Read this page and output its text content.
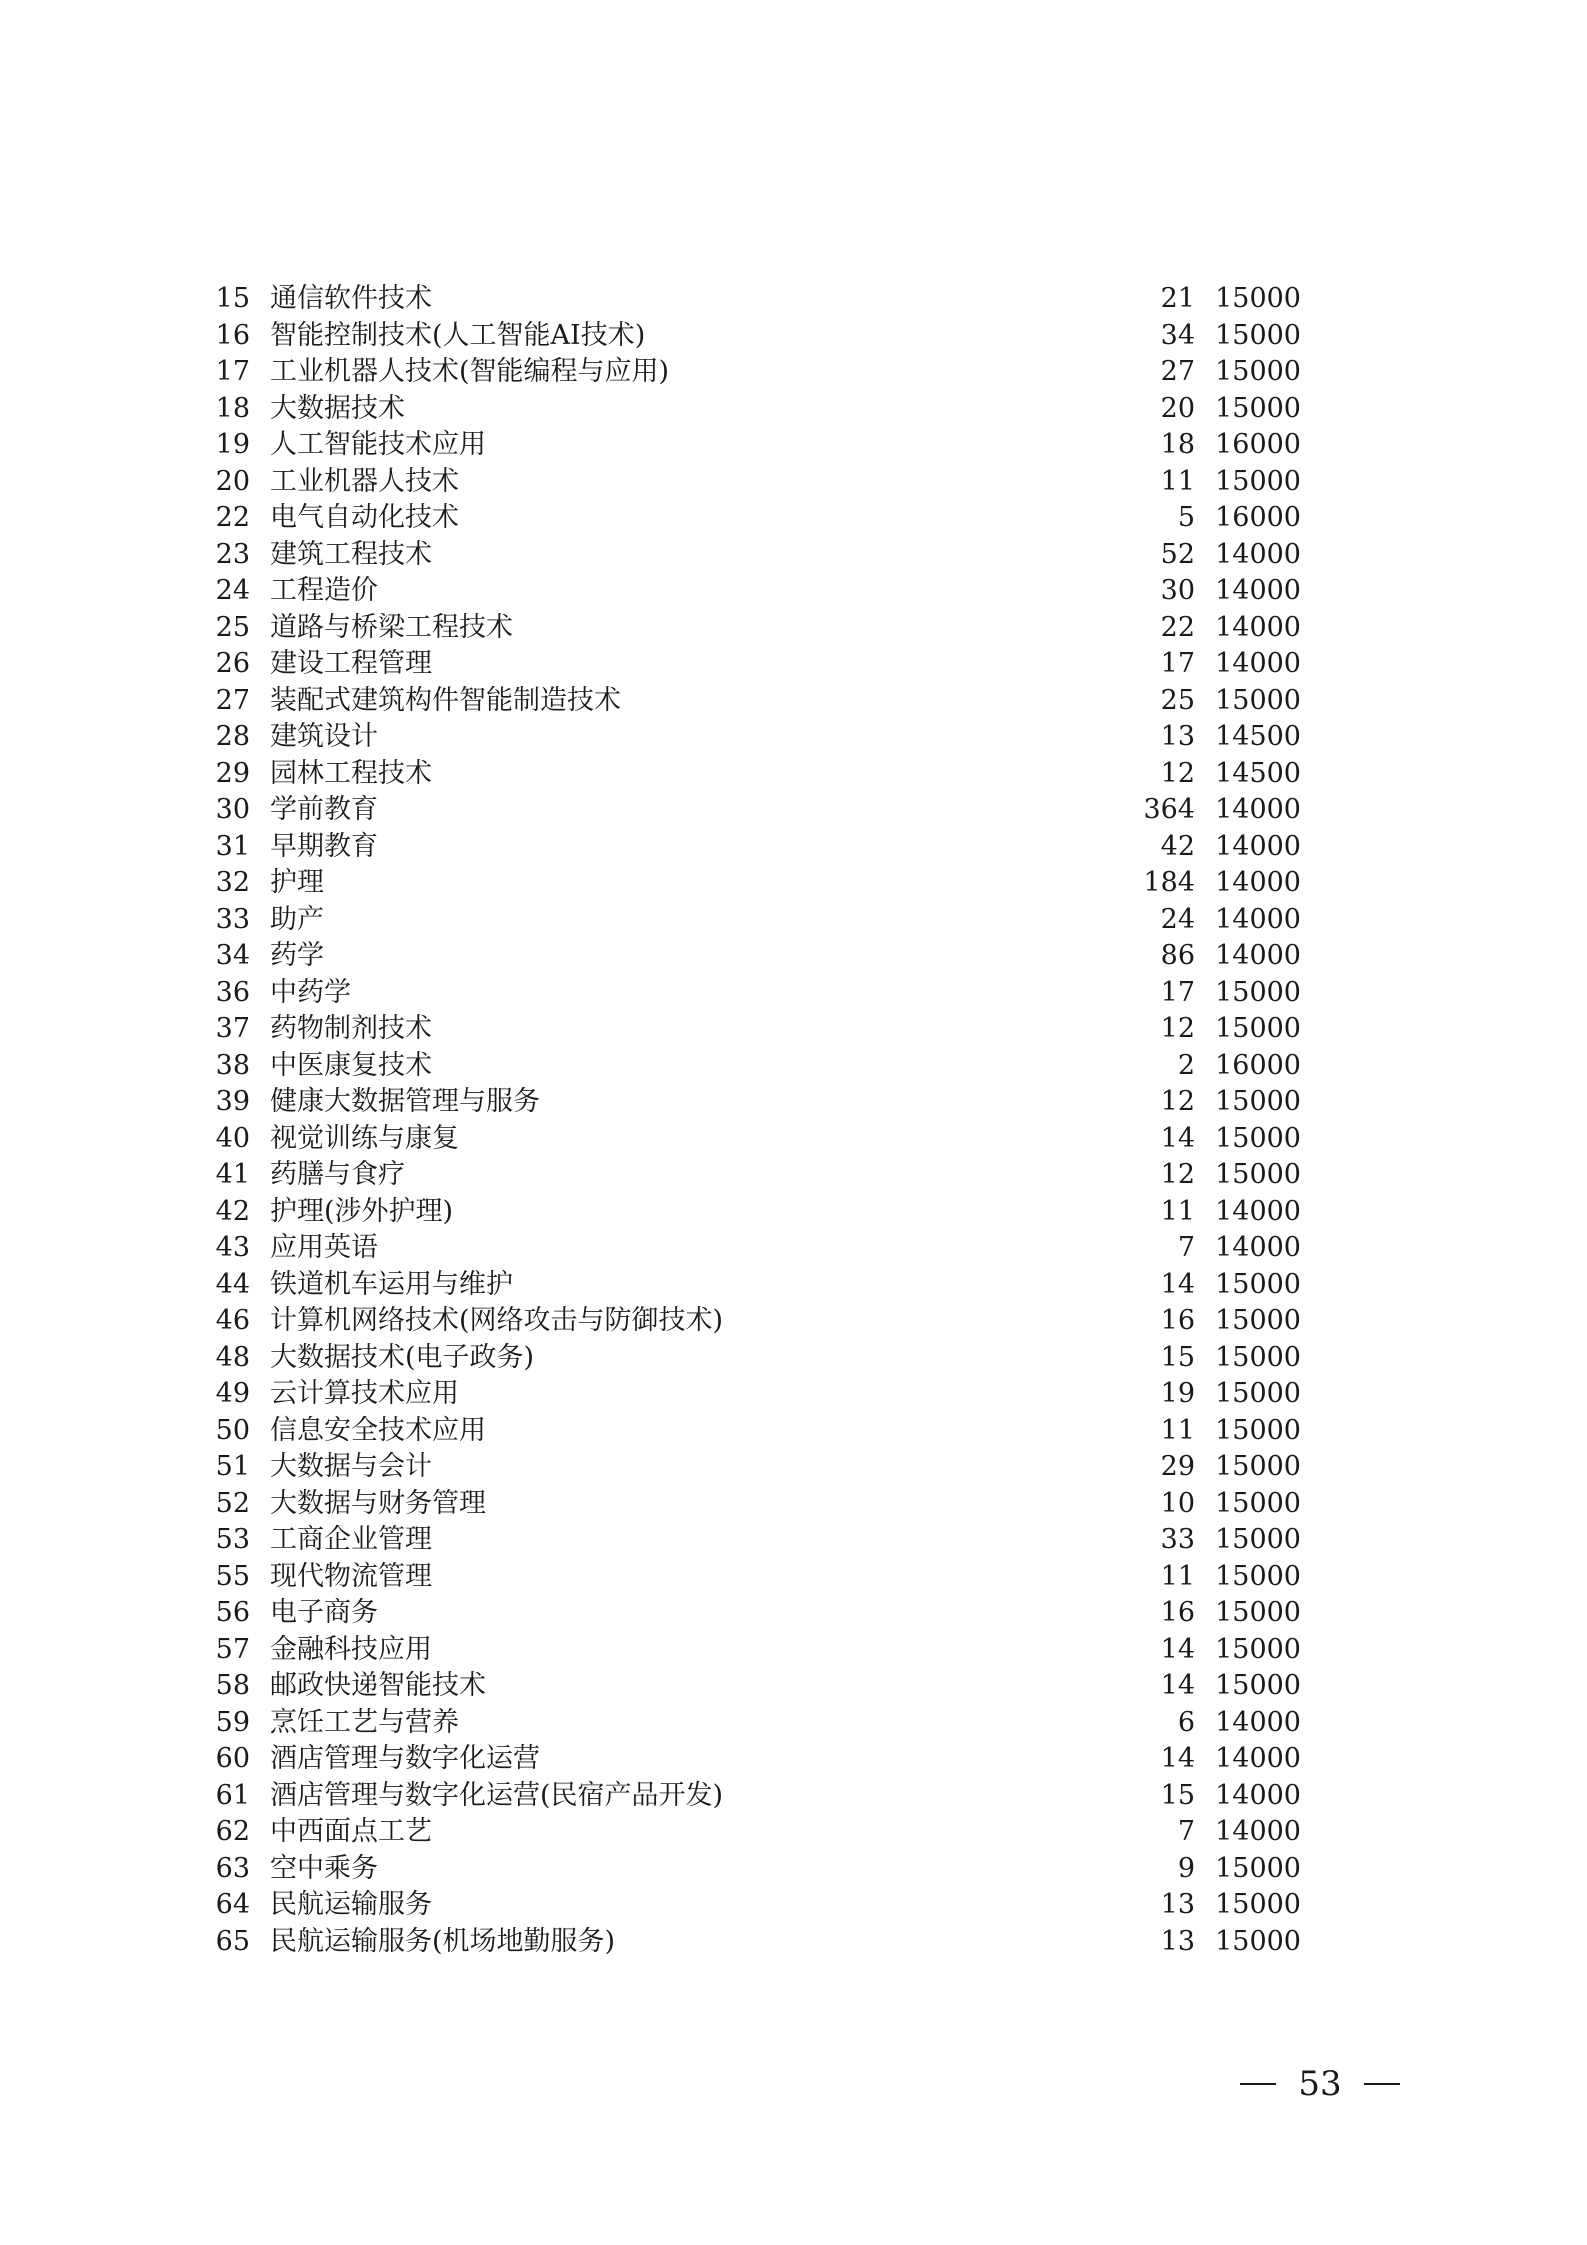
15 通信软件技术	21 15000
16 智能控制技术(人工智能AI技术)	34 15000
17 工业机器人技术(智能编程与应用)	27 15000
18 大数据技术	20 15000
19 人工智能技术应用	18 16000
20 工业机器人技术	11 15000
22 电气自动化技术	5 16000
23 建筑工程技术	52 14000
24 工程造价	30 14000
25 道路与桥梁工程技术	22 14000
26 建设工程管理	17 14000
27 装配式建筑构件智能制造技术	25 15000
28 建筑设计	13 14500
29 园林工程技术	12 14500
30 学前教育	364 14000
31 早期教育	42 14000
32 护理	184 14000
33 助产	24 14000
34 药学	86 14000
36 中药学	17 15000
37 药物制剂技术	12 15000
38 中医康复技术	2 16000
39 健康大数据管理与服务	12 15000
40 视觉训练与康复	14 15000
41 药膳与食疗	12 15000
42 护理(涉外护理)	11 14000
43 应用英语	7 14000
44 铁道机车运用与维护	14 15000
46 计算机网络技术(网络攻击与防御技术)	16 15000
48 大数据技术(电子政务)	15 15000
49 云计算技术应用	19 15000
50 信息安全技术应用	11 15000
51 大数据与会计	29 15000
52 大数据与财务管理	10 15000
53 工商企业管理	33 15000
55 现代物流管理	11 15000
56 电子商务	16 15000
57 金融科技应用	14 15000
58 邮政快递智能技术	14 15000
59 烹饪工艺与营养	6 14000
60 酒店管理与数字化运营	14 14000
61 酒店管理与数字化运营(民宿产品开发)	15 14000
62 中西面点工艺	7 14000
63 空中乘务	9 15000
64 民航运输服务	13 15000
65 民航运输服务(机场地勤服务)	13 15000
53
